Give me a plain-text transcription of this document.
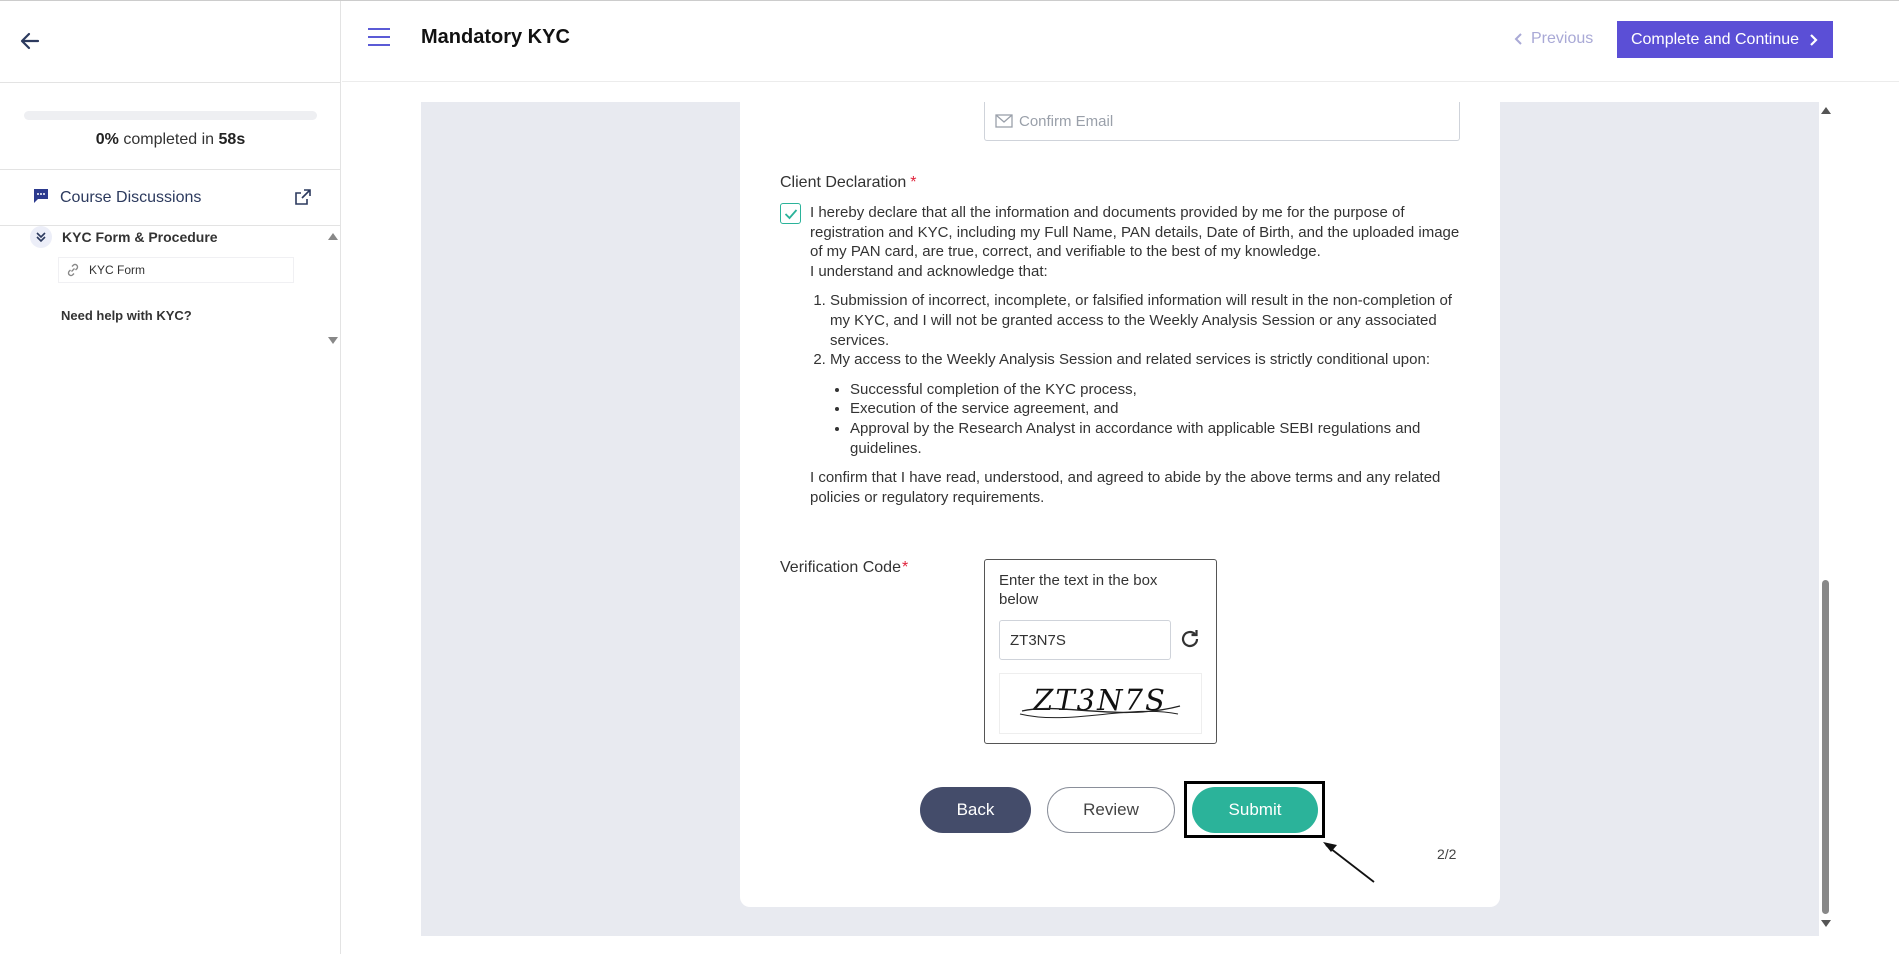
0% completed in 58s
Course Discussions
KYC Form & Procedure
KYC Form
Need help with KYC?
Mandatory KYC	Previous Complete and Continue
Confirm Email
Client Declaration *

I hereby declare that all the information and documents provided by me for the purpose of registration and KYC, including my Full Name, PAN details, Date of Birth, and the uploaded image of my PAN card, are true, correct, and verifiable to the best of my knowledge.

I understand and acknowledge that:

1. Submission of incorrect, incomplete, or falsified information will result in the non-completion of my KYC, and I will not be granted access to the Weekly Analysis Session or any associated services.
2. My access to the Weekly Analysis Session and related services is strictly conditional upon:
• Successful completion of the KYC process,
• Execution of the service agreement, and
• Approval by the Research Analyst in accordance with applicable SEBI regulations and guidelines.

I confirm that I have read, understood, and agreed to abide by the above terms and any related policies or regulatory requirements.

Verification Code*
Enter the text in the box below
ZT3N7S
ZT3N7S
Back	Review	Submit
2/2
